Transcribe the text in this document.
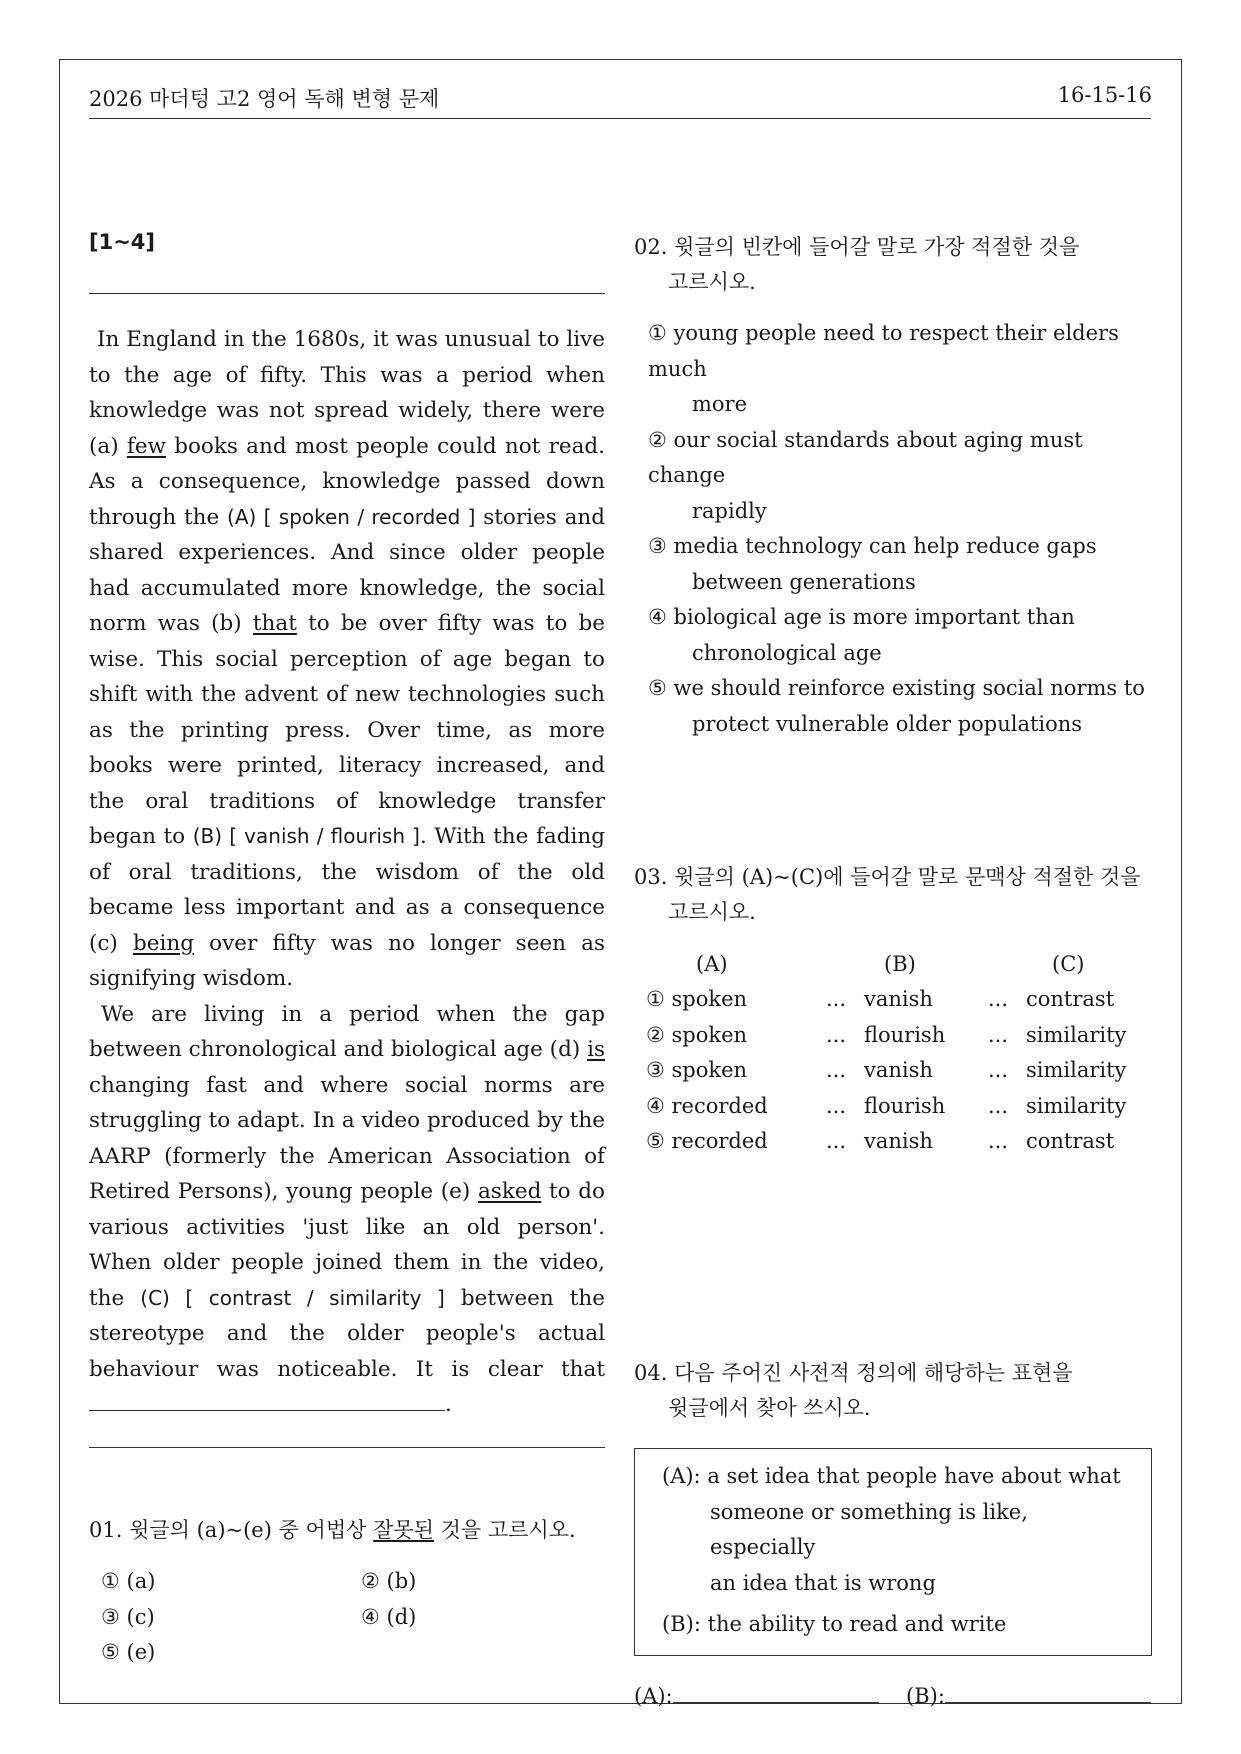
2026 마더텅 고2 영어 독해 변형 문제	16-15-16
[1~4]

In England in the 1680s, it was unusual to live to the age of fifty. This was a period when knowledge was not spread widely, there were (a) few books and most people could not read. As a consequence, knowledge passed down through the (A) [ spoken / recorded ] stories and shared experiences. And since older people had accumulated more knowledge, the social norm was (b) that to be over fifty was to be wise. This social perception of age began to shift with the advent of new technologies such as the printing press. Over time, as more books were printed, literacy increased, and the oral traditions of knowledge transfer began to (B) [ vanish / flourish ]. With the fading of oral traditions, the wisdom of the old became less important and as a consequence (c) being over fifty was no longer seen as signifying wisdom.

We are living in a period when the gap between chronological and biological age (d) is changing fast and where social norms are struggling to adapt. In a video produced by the AARP (formerly the American Association of Retired Persons), young people (e) asked to do various activities 'just like an old person'. When older people joined them in the video, the (C) [ contrast / similarity ] between the stereotype and the older people's actual behaviour was noticeable. It is clear that .

01. 윗글의 (a)~(e) 중 어법상 잘못된 것을 고르시오.
① (a)	② (b)
③ (c)	④ (d)
⑤ (e)
02. 윗글의 빈칸에 들어갈 말로 가장 적절한 것을
고르시오.
① young people need to respect their elders much
more
② our social standards about aging must change
rapidly
③ media technology can help reduce gaps
between generations
④ biological age is more important than
chronological age
⑤ we should reinforce existing social norms to
protect vulnerable older populations
03. 윗글의 (A)~(C)에 들어갈 말로 문맥상 적절한 것을
고르시오.
(A)		(B)		(C)
① spoken	...	vanish	...	contrast
② spoken	...	flourish	...	similarity
③ spoken	...	vanish	...	similarity
④ recorded	...	flourish	...	similarity
⑤ recorded	...	vanish	...	contrast
04. 다음 주어진 사전적 정의에 해당하는 표현을
윗글에서 찾아 쓰시오.
(A): a set idea that people have about what
someone or something is like, especially
an idea that is wrong
(B): the ability to read and write
(A):	(B):
